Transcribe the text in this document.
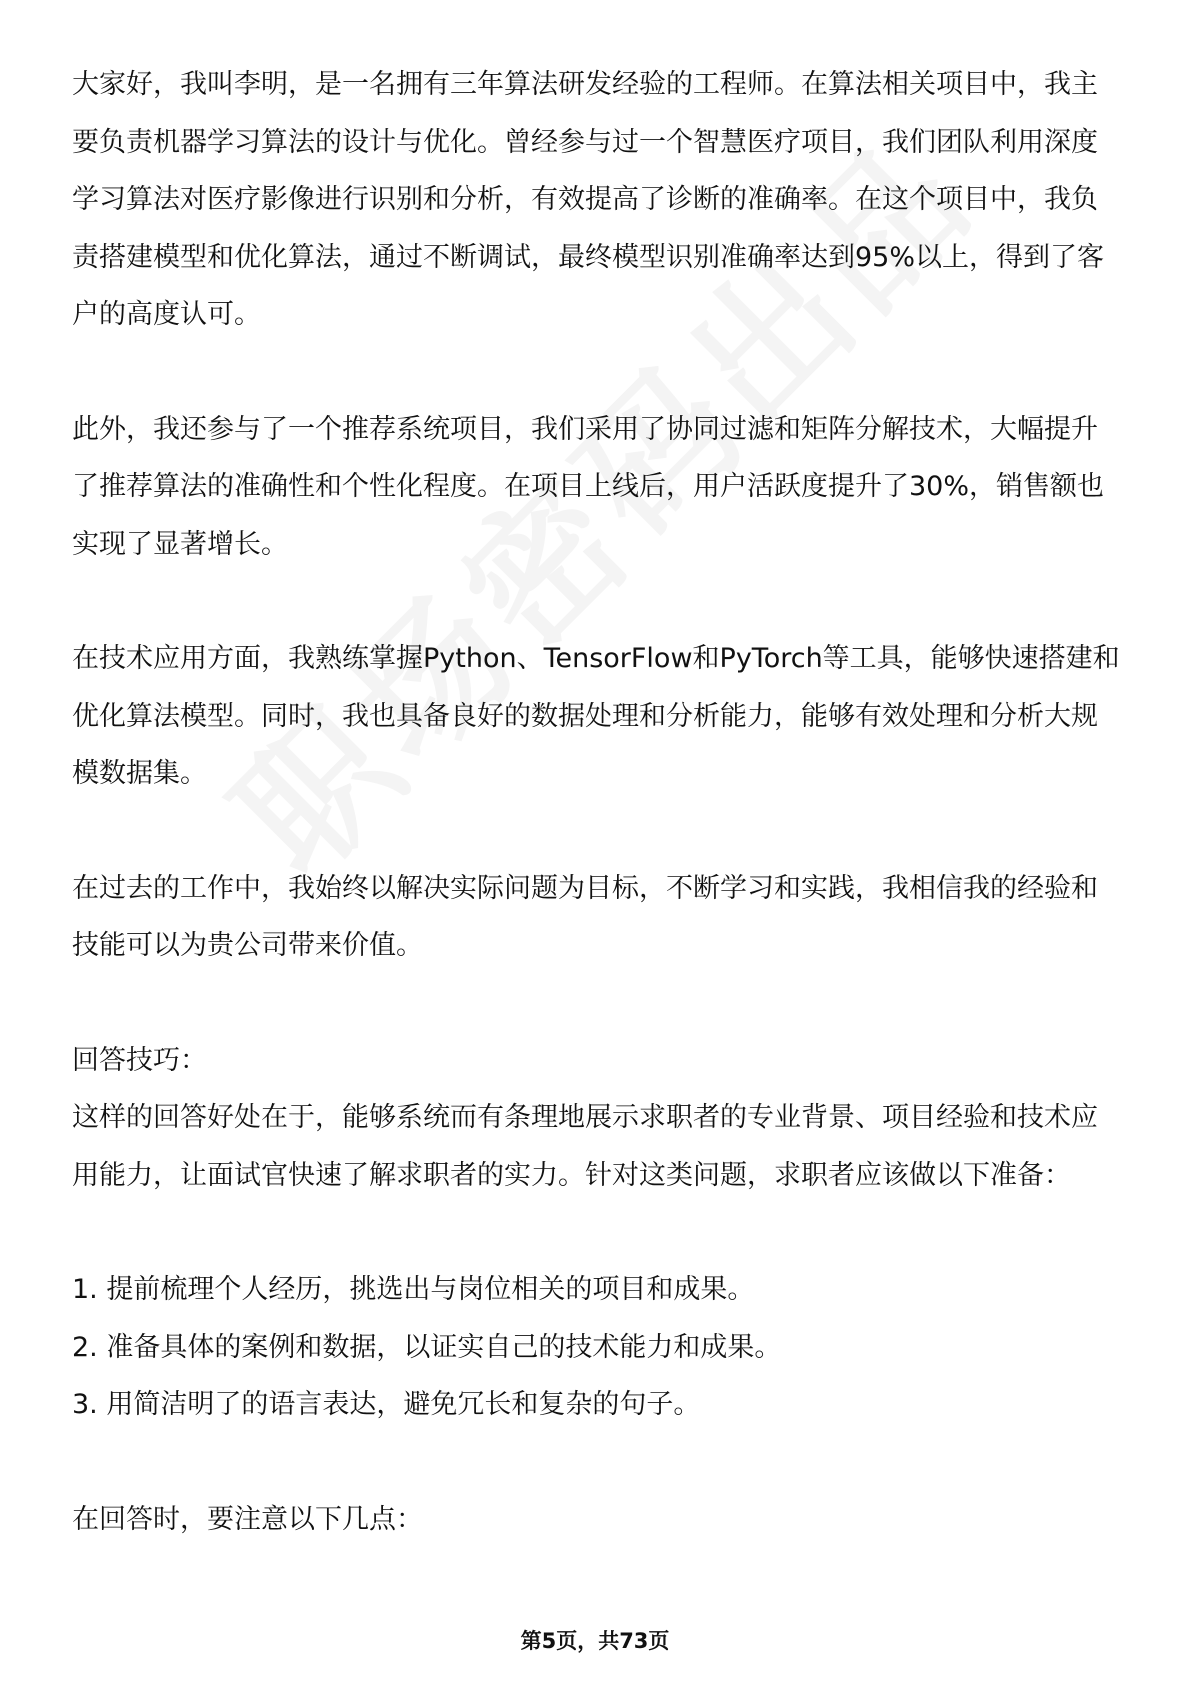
大家好，我叫李明，是一名拥有三年算法研发经验的工程师。在算法相关项目中，我主要负责机器学习算法的设计与优化。曾经参与过一个智慧医疗项目，我们团队利用深度学习算法对医疗影像进行识别和分析，有效提高了诊断的准确率。在这个项目中，我负责搭建模型和优化算法，通过不断调试，最终模型识别准确率达到95%以上，得到了客户的高度认可。

此外，我还参与了一个推荐系统项目，我们采用了协同过滤和矩阵分解技术，大幅提升了推荐算法的准确性和个性化程度。在项目上线后，用户活跃度提升了30%，销售额也实现了显著增长。

在技术应用方面，我熟练掌握Python、TensorFlow和PyTorch等工具，能够快速搭建和优化算法模型。同时，我也具备良好的数据处理和分析能力，能够有效处理和分析大规模数据集。

在过去的工作中，我始终以解决实际问题为目标，不断学习和实践，我相信我的经验和技能可以为贵公司带来价值。

回答技巧：

这样的回答好处在于，能够系统而有条理地展示求职者的专业背景、项目经验和技术应用能力，让面试官快速了解求职者的实力。针对这类问题，求职者应该做以下准备：

1. 提前梳理个人经历，挑选出与岗位相关的项目和成果。
2. 准备具体的案例和数据，以证实自己的技术能力和成果。
3. 用简洁明了的语言表达，避免冗长和复杂的句子。

在回答时，要注意以下几点：

第5页，共73页
